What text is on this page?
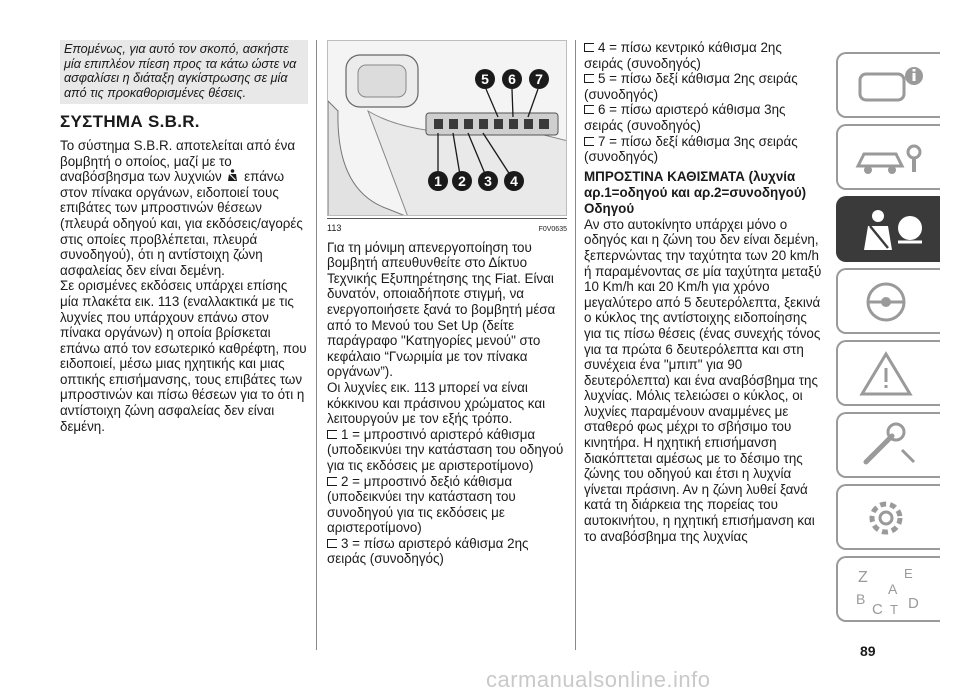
Επομένως, για αυτό τον σκοπό, ασκήστε μία επιπλέον πίεση προς τα κάτω ώστε να ασφαλίσει η διάταξη αγκίστρωσης σε μία από τις προκαθορισμένες θέσεις.
ΣΥΣΤΗΜΑ S.B.R.

Το σύστημα S.B.R. αποτελείται από ένα βομβητή ο οποίος, μαζί με το αναβόσβησμα των λυχνιών επάνω στον πίνακα οργάνων, ειδοποιεί τους επιβάτες των μπροστινών θέσεων (πλευρά οδηγού και, για εκδόσεις/αγορές στις οποίες προβλέπεται, πλευρά συνοδηγού), ότι η αντίστοιχη ζώνη ασφαλείας δεν είναι δεμένη.

Σε ορισμένες εκδόσεις υπάρχει επίσης μία πλακέτα εικ. 113 (εναλλακτικά με τις λυχνίες που υπάρχουν επάνω στον πίνακα οργάνων) η οποία βρίσκεται επάνω από τον εσωτερικό καθρέφτη, που ειδοποιεί, μέσω μιας ηχητικής και μιας οπτικής επισήμανσης, τους επιβάτες των μπροστινών και πίσω θέσεων για το ότι η αντίστοιχη ζώνη ασφαλείας δεν είναι δεμένη.

1	2	3	4
5	6	7
113	F0V0635

Για τη μόνιμη απενεργοποίηση του βομβητή απευθυνθείτε στο Δίκτυο Τεχνικής Εξυπηρέτησης της Fiat. Είναι δυνατόν, οποιαδήποτε στιγμή, να ενεργοποιήσετε ξανά το βομβητή μέσα από το Μενού του Set Up (δείτε παράγραφο "Κατηγορίες μενού" στο κεφάλαιο “Γνωριμία με τον πίνακα οργάνων”).

Οι λυχνίες εικ. 113 μπορεί να είναι κόκκινου και πράσινου χρώματος και λειτουργούν με τον εξής τρόπο.

1 = μπροστινό αριστερό κάθισμα (υποδεικνύει την κατάσταση του οδηγού για τις εκδόσεις με αριστεροτίμονο)

2 = μπροστινό δεξιό κάθισμα (υποδεικνύει την κατάσταση του συνοδηγού για τις εκδόσεις με αριστεροτίμονο)

3 = πίσω αριστερό κάθισμα 2ης σειράς (συνοδηγός)

4 = πίσω κεντρικό κάθισμα 2ης σειράς (συνοδηγός)

5 = πίσω δεξί κάθισμα 2ης σειράς (συνοδηγός)

6 = πίσω αριστερό κάθισμα 3ης σειράς (συνοδηγός)

7 = πίσω δεξί κάθισμα 3ης σειράς (συνοδηγός)

ΜΠΡΟΣΤΙΝΑ ΚΑΘΙΣΜΑΤΑ (λυχνία αρ.1=οδηγού και αρ.2=συνοδηγού)
Οδηγού

Αν στο αυτοκίνητο υπάρχει μόνο ο οδηγός και η ζώνη του δεν είναι δεμένη, ξεπερνώντας την ταχύτητα των 20 km/h ή παραμένοντας σε μία ταχύτητα μεταξύ 10 Km/h και 20 Km/h για χρόνο μεγαλύτερο από 5 δευτερόλεπτα, ξεκινά ο κύκλος της αντίστοιχης ειδοποίησης για τις πίσω θέσεις (ένας συνεχής τόνος για τα πρώτα 6 δευτερόλεπτα και στη συνέχεια ένα "μπιπ" για 90 δευτερόλεπτα) και ένα αναβόσβημα της λυχνίας. Μόλις τελειώσει ο κύκλος, οι λυχνίες παραμένουν αναμμένες με σταθερό φως μέχρι το σβήσιμο του κινητήρα. Η ηχητική επισήμανση διακόπτεται αμέσως με το δέσιμο της ζώνης του οδηγού και έτσι η λυχνία γίνεται πράσινη. Αν η ζώνη λυθεί ξανά κατά τη διάρκεια της πορείας του αυτοκινήτου, η ηχητική επισήμανση και το αναβόσβημα της λυχνίας

Z	E
A
B
C T D
89
carmanualsonline.info
